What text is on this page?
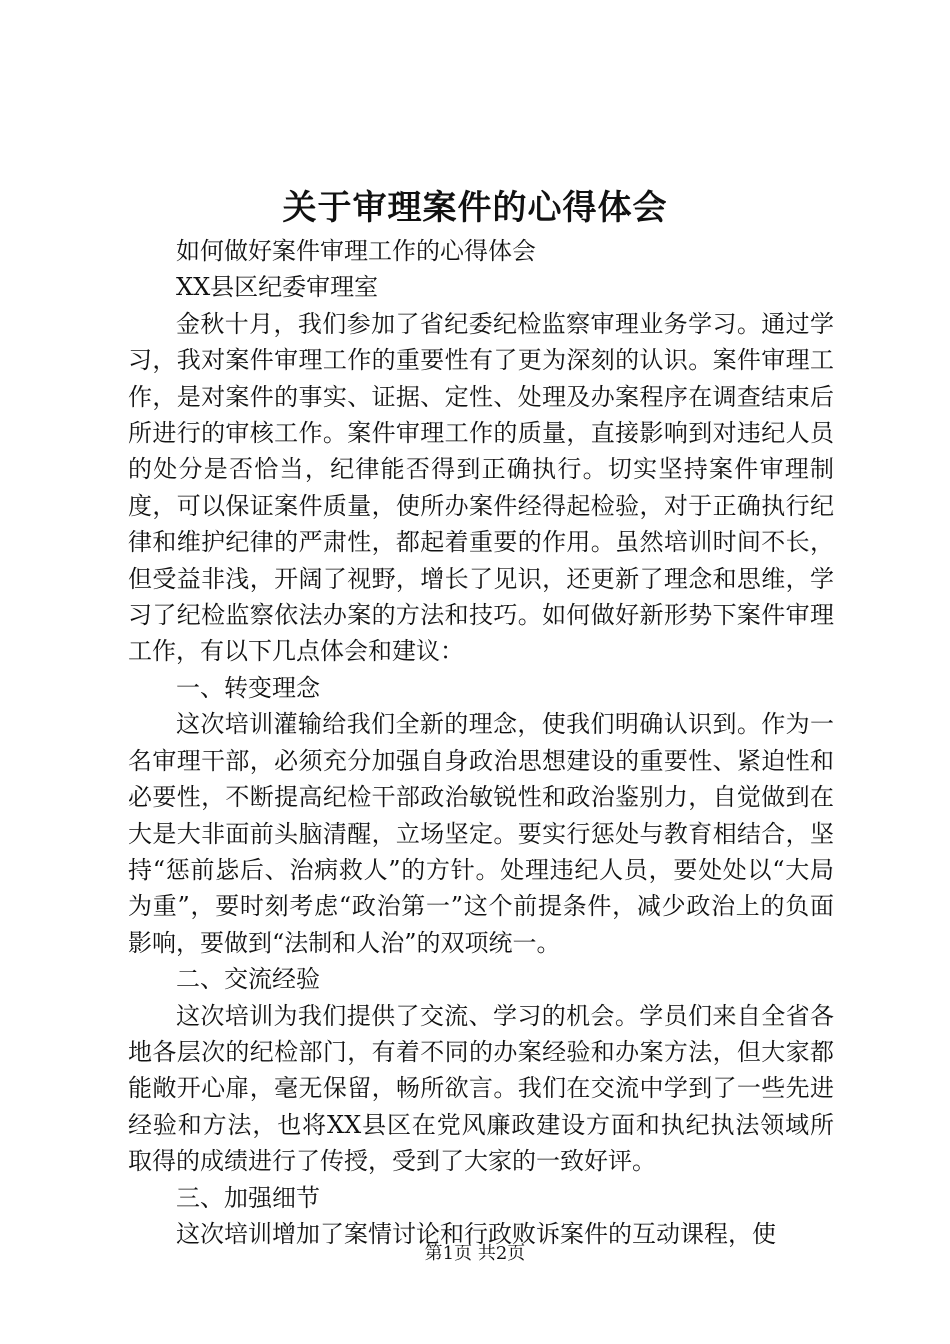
关于审理案件的心得体会

如何做好案件审理工作的心得体会

XX县区纪委审理室

金秋十月，我们参加了省纪委纪检监察审理业务学习。通过学习，我对案件审理工作的重要性有了更为深刻的认识。案件审理工作，是对案件的事实、证据、定性、处理及办案程序在调查结束后所进行的审核工作。案件审理工作的质量，直接影响到对违纪人员的处分是否恰当，纪律能否得到正确执行。切实坚持案件审理制度，可以保证案件质量，使所办案件经得起检验，对于正确执行纪律和维护纪律的严肃性，都起着重要的作用。虽然培训时间不长，但受益非浅，开阔了视野，增长了见识，还更新了理念和思维，学习了纪检监察依法办案的方法和技巧。如何做好新形势下案件审理工作，有以下几点体会和建议：

一、转变理念

这次培训灌输给我们全新的理念，使我们明确认识到。作为一名审理干部，必须充分加强自身政治思想建设的重要性、紧迫性和必要性，不断提高纪检干部政治敏锐性和政治鉴别力，自觉做到在大是大非面前头脑清醒，立场坚定。要实行惩处与教育相结合，坚持“惩前毖后、治病救人”的方针。处理违纪人员，要处处以“大局为重”，要时刻考虑“政治第一”这个前提条件，减少政治上的负面影响，要做到“法制和人治”的双项统一。

二、交流经验

这次培训为我们提供了交流、学习的机会。学员们来自全省各地各层次的纪检部门，有着不同的办案经验和办案方法，但大家都能敞开心扉，毫无保留，畅所欲言。我们在交流中学到了一些先进经验和方法，也将XX县区在党风廉政建设方面和执纪执法领域所取得的成绩进行了传授，受到了大家的一致好评。

三、加强细节

这次培训增加了案情讨论和行政败诉案件的互动课程，使

第1页 共2页
